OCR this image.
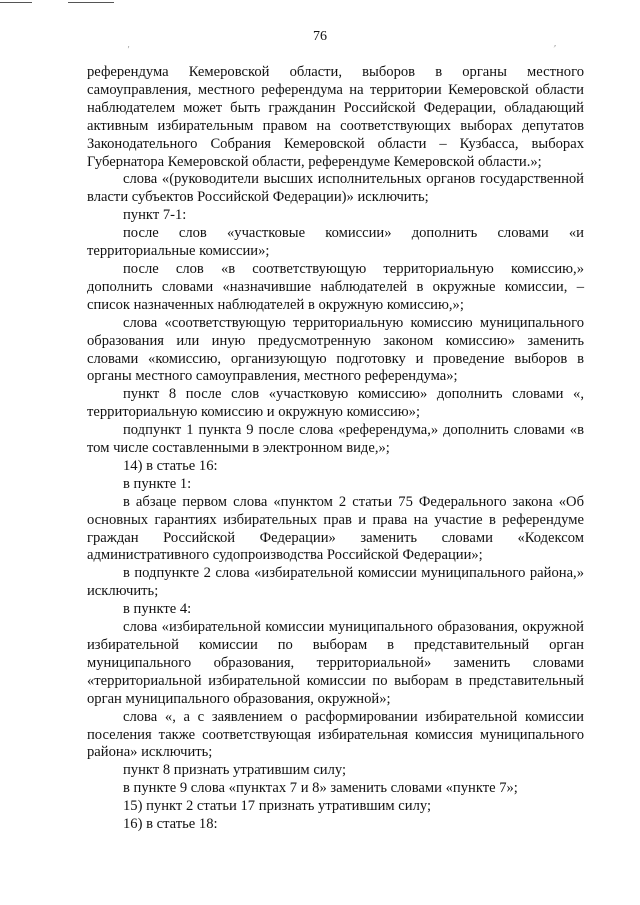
'
,
76

референдума Кемеровской области, выборов в органы местного самоуправления, местного референдума на территории Кемеровской области наблюдателем может быть гражданин Российской Федерации, обладающий активным избирательным правом на соответствующих выборах депутатов Законодательного Собрания Кемеровской области – Кузбасса, выборах Губернатора Кемеровской области, референдуме Кемеровской области.»;

слова «(руководители высших исполнительных органов государственной власти субъектов Российской Федерации)» исключить;

пункт 7-1:

после слов «участковые комиссии» дополнить словами «и территориальные комиссии»;

после слов «в соответствующую территориальную комиссию,» дополнить словами «назначившие наблюдателей в окружные комиссии, – список назначенных наблюдателей в окружную комиссию,»;

слова «соответствующую территориальную комиссию муниципального образования или иную предусмотренную законом комиссию» заменить словами «комиссию, организующую подготовку и проведение выборов в органы местного самоуправления, местного референдума»;

пункт 8 после слов «участковую комиссию» дополнить словами «, территориальную комиссию и окружную комиссию»;

подпункт 1 пункта 9 после слова «референдума,» дополнить словами «в том числе составленными в электронном виде,»;

14) в статье 16:

в пункте 1:

в абзаце первом слова «пунктом 2 статьи 75 Федерального закона «Об основных гарантиях избирательных прав и права на участие в референдуме граждан Российской Федерации» заменить словами «Кодексом административного судопроизводства Российской Федерации»;

в подпункте 2 слова «избирательной комиссии муниципального района,» исключить;

в пункте 4:

слова «избирательной комиссии муниципального образования, окружной избирательной комиссии по выборам в представительный орган муниципального образования, территориальной» заменить словами «территориальной избирательной комиссии по выборам в представительный орган муниципального образования, окружной»;

слова «, а с заявлением о расформировании избирательной комиссии поселения также соответствующая избирательная комиссия муниципального района» исключить;

пункт 8 признать утратившим силу;

в пункте 9 слова «пунктах 7 и 8» заменить словами «пункте 7»;

15) пункт 2 статьи 17 признать утратившим силу;

16) в статье 18:
